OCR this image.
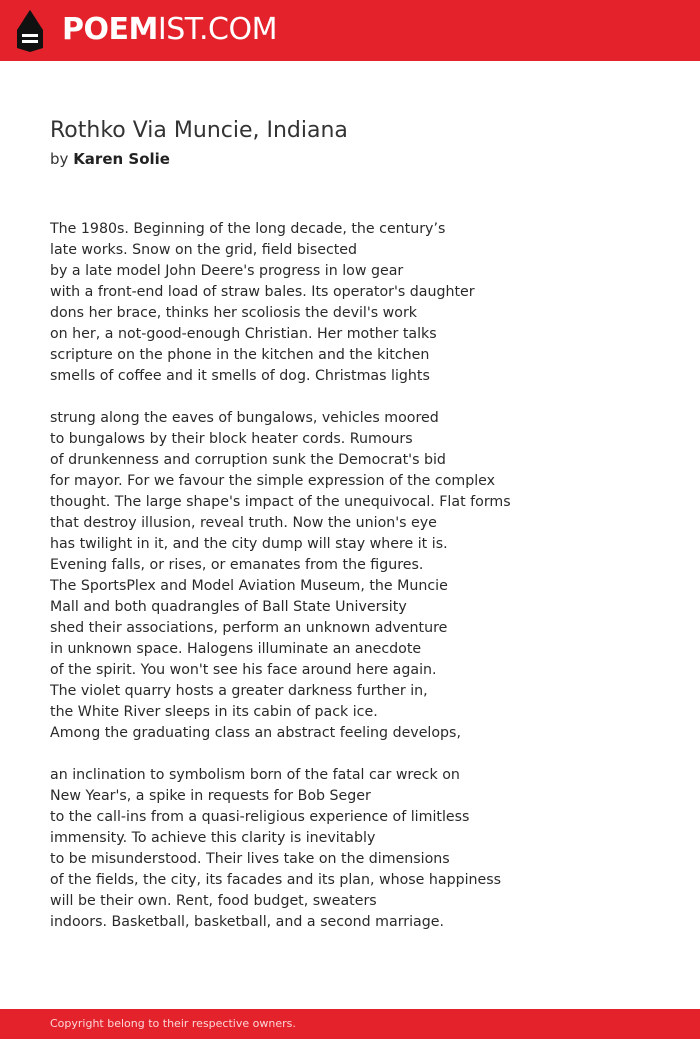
POEMIST.COM
Rothko Via Muncie, Indiana
by Karen Solie
The 1980s. Beginning of the long decade, the century’s
late works. Snow on the grid, field bisected
by a late model John Deere's progress in low gear
with a front-end load of straw bales. Its operator's daughter
dons her brace, thinks her scoliosis the devil's work
on her, a not-good-enough Christian. Her mother talks
scripture on the phone in the kitchen and the kitchen
smells of coffee and it smells of dog. Christmas lights
strung along the eaves of bungalows, vehicles moored
to bungalows by their block heater cords. Rumours
of drunkenness and corruption sunk the Democrat's bid
for mayor. For we favour the simple expression of the complex
thought. The large shape's impact of the unequivocal. Flat forms
that destroy illusion, reveal truth. Now the union's eye
has twilight in it, and the city dump will stay where it is.
Evening falls, or rises, or emanates from the figures.
The SportsPlex and Model Aviation Museum, the Muncie
Mall and both quadrangles of Ball State University
shed their associations, perform an unknown adventure
in unknown space. Halogens illuminate an anecdote
of the spirit. You won't see his face around here again.
The violet quarry hosts a greater darkness further in,
the White River sleeps in its cabin of pack ice.
Among the graduating class an abstract feeling develops,
an inclination to symbolism born of the fatal car wreck on
New Year's, a spike in requests for Bob Seger
to the call-ins from a quasi-religious experience of limitless
immensity. To achieve this clarity is inevitably
to be misunderstood. Their lives take on the dimensions
of the fields, the city, its facades and its plan, whose happiness
will be their own. Rent, food budget, sweaters
indoors. Basketball, basketball, and a second marriage.
Copyright belong to their respective owners.
